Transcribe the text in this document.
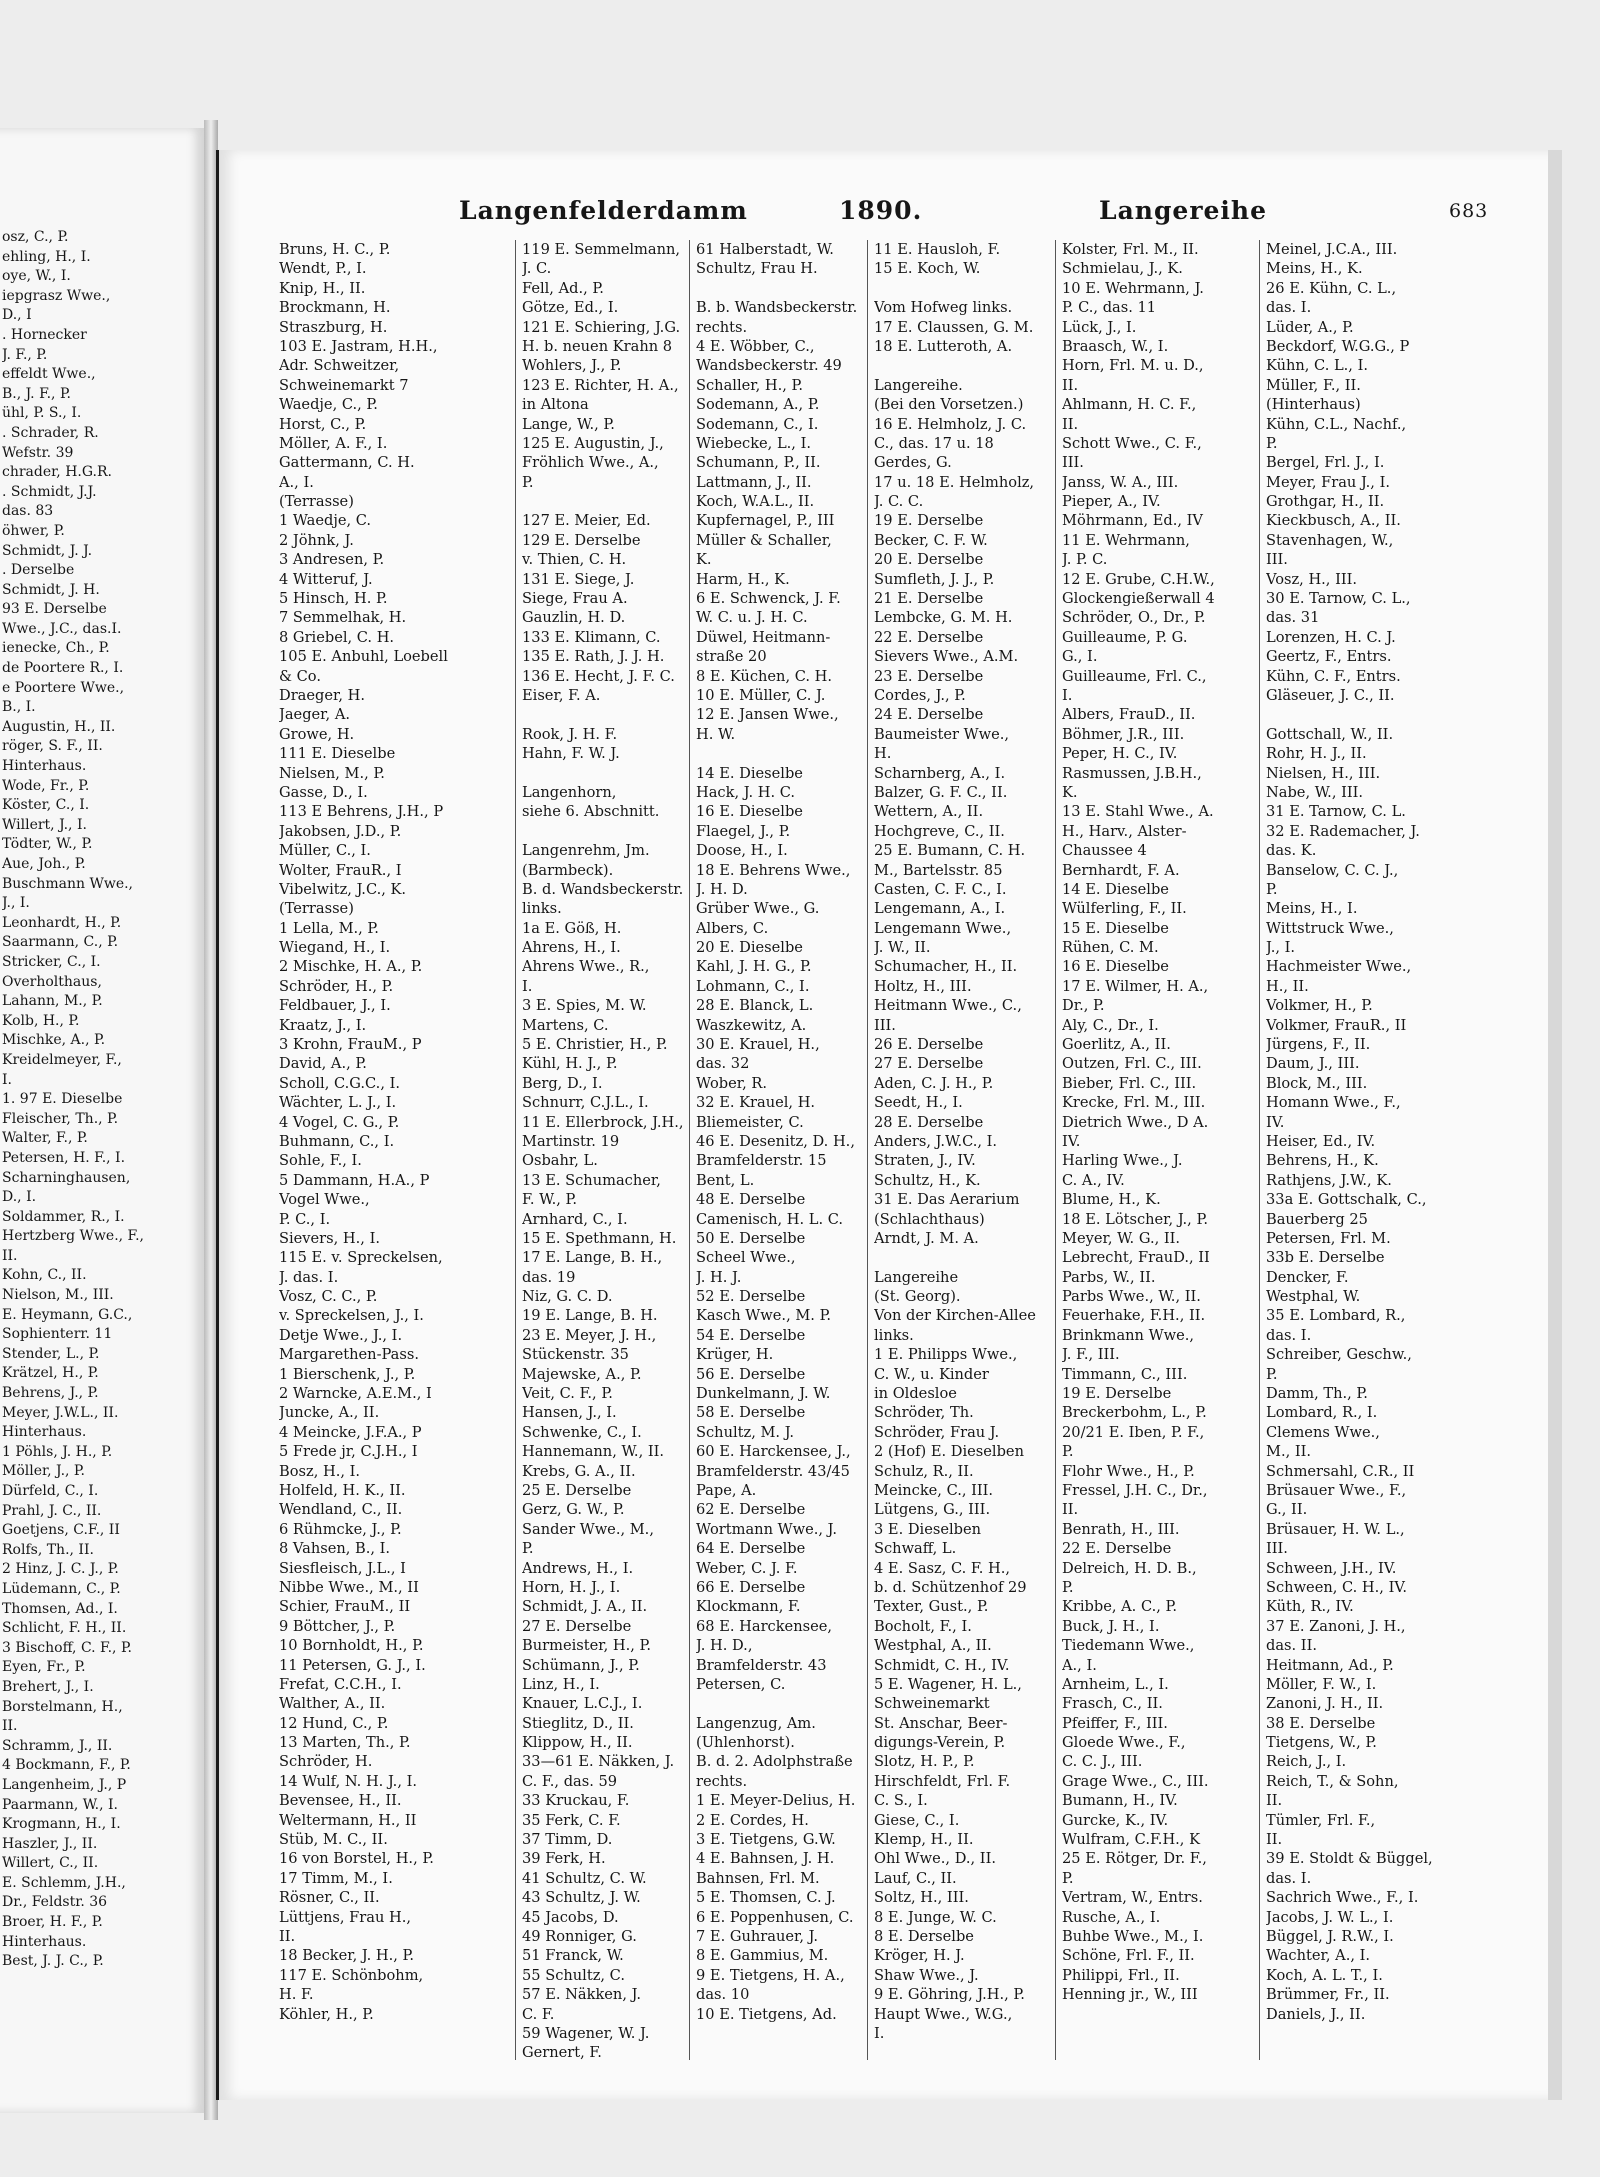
osz, C., P.
ehling, H., I.
oye, W., I.
iepgrasz Wwe.,
D., I
. Hornecker
J. F., P.
effeldt Wwe.,
B., J. F., P.
ühl, P. S., I.
. Schrader, R.
Wefstr. 39
chrader, H.G.R.
. Schmidt, J.J.
das. 83
öhwer, P.
Schmidt, J. J.
. Derselbe
Schmidt, J. H.
93 E. Derselbe
Wwe., J.C., das.I.
ienecke, Ch., P.
de Poortere R., I.
e Poortere Wwe.,
B., I.
Augustin, H., II.
röger, S. F., II.
Hinterhaus.
Wode, Fr., P.
Köster, C., I.
Willert, J., I.
Tödter, W., P.
Aue, Joh., P.
Buschmann Wwe.,
J., I.
Leonhardt, H., P.
Saarmann, C., P.
Stricker, C., I.
Overholthaus,
Lahann, M., P.
Kolb, H., P.
Mischke, A., P.
Kreidelmeyer, F.,
I.
1. 97 E. Dieselbe
Fleischer, Th., P.
Walter, F., P.
Petersen, H. F., I.
Scharninghausen,
D., I.
Soldammer, R., I.
Hertzberg Wwe., F.,
II.
Kohn, C., II.
Nielson, M., III.
E. Heymann, G.C.,
Sophienterr. 11
Stender, L., P.
Krätzel, H., P.
Behrens, J., P.
Meyer, J.W.L., II.
Hinterhaus.
1 Pöhls, J. H., P.
Möller, J., P.
Dürfeld, C., I.
Prahl, J. C., II.
Goetjens, C.F., II
Rolfs, Th., II.
2 Hinz, J. C. J., P.
Lüdemann, C., P.
Thomsen, Ad., I.
Schlicht, F. H., II.
3 Bischoff, C. F., P.
Eyen, Fr., P.
Brehert, J., I.
Borstelmann, H.,
II.
Schramm, J., II.
4 Bockmann, F., P.
Langenheim, J., P
Paarmann, W., I.
Krogmann, H., I.
Haszler, J., II.
Willert, C., II.
E. Schlemm, J.H.,
Dr., Feldstr. 36
Broer, H. F., P.
Hinterhaus.
Best, J. J. C., P.
Langenfelderdamm	1890.	Langereihe	683
Bruns, H. C., P.
Wendt, P., I.
Knip, H., II.
Brockmann, H.
Straszburg, H.
103 E. Jastram, H.H.,
Adr. Schweitzer,
Schweinemarkt 7
Waedje, C., P.
Horst, C., P.
Möller, A. F., I.
Gattermann, C. H.
A., I.
(Terrasse)
1 Waedje, C.
2 Jöhnk, J.
3 Andresen, P.
4 Witteruf, J.
5 Hinsch, H. P.
7 Semmelhak, H.
8 Griebel, C. H.
105 E. Anbuhl, Loebell
& Co.
Draeger, H.
Jaeger, A.
Growe, H.
111 E. Dieselbe
Nielsen, M., P.
Gasse, D., I.
113 E Behrens, J.H., P
Jakobsen, J.D., P.
Müller, C., I.
Wolter, FrauR., I
Vibelwitz, J.C., K.
(Terrasse)
1 Lella, M., P.
Wiegand, H., I.
2 Mischke, H. A., P.
Schröder, H., P.
Feldbauer, J., I.
Kraatz, J., I.
3 Krohn, FrauM., P
David, A., P.
Scholl, C.G.C., I.
Wächter, L. J., I.
4 Vogel, C. G., P.
Buhmann, C., I.
Sohle, F., I.
5 Dammann, H.A., P
Vogel Wwe.,
P. C., I.
Sievers, H., I.
115 E. v. Spreckelsen,
J. das. I.
Vosz, C. C., P.
v. Spreckelsen, J., I.
Detje Wwe., J., I.
Margarethen-Pass.
1 Bierschenk, J., P.
2 Warncke, A.E.M., I
Juncke, A., II.
4 Meincke, J.F.A., P
5 Frede jr, C.J.H., I
Bosz, H., I.
Holfeld, H. K., II.
Wendland, C., II.
6 Rühmcke, J., P.
8 Vahsen, B., I.
Siesfleisch, J.L., I
Nibbe Wwe., M., II
Schier, FrauM., II
9 Böttcher, J., P.
10 Bornholdt, H., P.
11 Petersen, G. J., I.
Frefat, C.C.H., I.
Walther, A., II.
12 Hund, C., P.
13 Marten, Th., P.
Schröder, H.
14 Wulf, N. H. J., I.
Bevensee, H., II.
Weltermann, H., II
Stüb, M. C., II.
16 von Borstel, H., P.
17 Timm, M., I.
Rösner, C., II.
Lüttjens, Frau H.,
II.
18 Becker, J. H., P.
117 E. Schönbohm,
H. F.
Köhler, H., P.
119 E. Semmelmann,
J. C.
Fell, Ad., P.
Götze, Ed., I.
121 E. Schiering, J.G.
H. b. neuen Krahn 8
Wohlers, J., P.
123 E. Richter, H. A.,
in Altona
Lange, W., P.
125 E. Augustin, J.,
Fröhlich Wwe., A.,
P.
127 E. Meier, Ed.
129 E. Derselbe
v. Thien, C. H.
131 E. Siege, J.
Siege, Frau A.
Gauzlin, H. D.
133 E. Klimann, C.
135 E. Rath, J. J. H.
136 E. Hecht, J. F. C.
Eiser, F. A.
Rook, J. H. F.
Hahn, F. W. J.
Langenhorn,
siehe 6. Abschnitt.
Langenrehm, Jm.
(Barmbeck).
B. d. Wandsbeckerstr.
links.
1a E. Göß, H.
Ahrens, H., I.
Ahrens Wwe., R.,
I.
3 E. Spies, M. W.
Martens, C.
5 E. Christier, H., P.
Kühl, H. J., P.
Berg, D., I.
Schnurr, C.J.L., I.
11 E. Ellerbrock, J.H.,
Martinstr. 19
Osbahr, L.
13 E. Schumacher,
F. W., P.
Arnhard, C., I.
15 E. Spethmann, H.
17 E. Lange, B. H.,
das. 19
Niz, G. C. D.
19 E. Lange, B. H.
23 E. Meyer, J. H.,
Stückenstr. 35
Majewske, A., P.
Veit, C. F., P.
Hansen, J., I.
Schwenke, C., I.
Hannemann, W., II.
Krebs, G. A., II.
25 E. Derselbe
Gerz, G. W., P.
Sander Wwe., M.,
P.
Andrews, H., I.
Horn, H. J., I.
Schmidt, J. A., II.
27 E. Derselbe
Burmeister, H., P.
Schümann, J., P.
Linz, H., I.
Knauer, L.C.J., I.
Stieglitz, D., II.
Klippow, H., II.
33—61 E. Näkken, J.
C. F., das. 59
33 Kruckau, F.
35 Ferk, C. F.
37 Timm, D.
39 Ferk, H.
41 Schultz, C. W.
43 Schultz, J. W.
45 Jacobs, D.
49 Ronniger, G.
51 Franck, W.
55 Schultz, C.
57 E. Näkken, J.
C. F.
59 Wagener, W. J.
Gernert, F.
61 Halberstadt, W.
Schultz, Frau H.
B. b. Wandsbeckerstr.
rechts.
4 E. Wöbber, C.,
Wandsbeckerstr. 49
Schaller, H., P.
Sodemann, A., P.
Sodemann, C., I.
Wiebecke, L., I.
Schumann, P., II.
Lattmann, J., II.
Koch, W.A.L., II.
Kupfernagel, P., III
Müller & Schaller,
K.
Harm, H., K.
6 E. Schwenck, J. F.
W. C. u. J. H. C.
Düwel, Heitmann-
straße 20
8 E. Küchen, C. H.
10 E. Müller, C. J.
12 E. Jansen Wwe.,
H. W.
14 E. Dieselbe
Hack, J. H. C.
16 E. Dieselbe
Flaegel, J., P.
Doose, H., I.
18 E. Behrens Wwe.,
J. H. D.
Grüber Wwe., G.
Albers, C.
20 E. Dieselbe
Kahl, J. H. G., P.
Lohmann, C., I.
28 E. Blanck, L.
Waszkewitz, A.
30 E. Krauel, H.,
das. 32
Wober, R.
32 E. Krauel, H.
Bliemeister, C.
46 E. Desenitz, D. H.,
Bramfelderstr. 15
Bent, L.
48 E. Derselbe
Camenisch, H. L. C.
50 E. Derselbe
Scheel Wwe.,
J. H. J.
52 E. Derselbe
Kasch Wwe., M. P.
54 E. Derselbe
Krüger, H.
56 E. Derselbe
Dunkelmann, J. W.
58 E. Derselbe
Schultz, M. J.
60 E. Harckensee, J.,
Bramfelderstr. 43/45
Pape, A.
62 E. Derselbe
Wortmann Wwe., J.
64 E. Derselbe
Weber, C. J. F.
66 E. Derselbe
Klockmann, F.
68 E. Harckensee,
J. H. D.,
Bramfelderstr. 43
Petersen, C.
Langenzug, Am.
(Uhlenhorst).
B. d. 2. Adolphstraße
rechts.
1 E. Meyer-Delius, H.
2 E. Cordes, H.
3 E. Tietgens, G.W.
4 E. Bahnsen, J. H.
Bahnsen, Frl. M.
5 E. Thomsen, C. J.
6 E. Poppenhusen, C.
7 E. Guhrauer, J.
8 E. Gammius, M.
9 E. Tietgens, H. A.,
das. 10
10 E. Tietgens, Ad.
11 E. Hausloh, F.
15 E. Koch, W.
Vom Hofweg links.
17 E. Claussen, G. M.
18 E. Lutteroth, A.
Langereihe.
(Bei den Vorsetzen.)
16 E. Helmholz, J. C.
C., das. 17 u. 18
Gerdes, G.
17 u. 18 E. Helmholz,
J. C. C.
19 E. Derselbe
Becker, C. F. W.
20 E. Derselbe
Sumfleth, J. J., P.
21 E. Derselbe
Lembcke, G. M. H.
22 E. Derselbe
Sievers Wwe., A.M.
23 E. Derselbe
Cordes, J., P.
24 E. Derselbe
Baumeister Wwe.,
H.
Scharnberg, A., I.
Balzer, G. F. C., II.
Wettern, A., II.
Hochgreve, C., II.
25 E. Bumann, C. H.
M., Bartelsstr. 85
Casten, C. F. C., I.
Lengemann, A., I.
Lengemann Wwe.,
J. W., II.
Schumacher, H., II.
Holtz, H., III.
Heitmann Wwe., C.,
III.
26 E. Derselbe
27 E. Derselbe
Aden, C. J. H., P.
Seedt, H., I.
28 E. Derselbe
Anders, J.W.C., I.
Straten, J., IV.
Schultz, H., K.
31 E. Das Aerarium
(Schlachthaus)
Arndt, J. M. A.
Langereihe
(St. Georg).
Von der Kirchen-Allee
links.
1 E. Philipps Wwe.,
C. W., u. Kinder
in Oldesloe
Schröder, Th.
Schröder, Frau J.
2 (Hof) E. Dieselben
Schulz, R., II.
Meincke, C., III.
Lütgens, G., III.
3 E. Dieselben
Schwaff, L.
4 E. Sasz, C. F. H.,
b. d. Schützenhof 29
Texter, Gust., P.
Bocholt, F., I.
Westphal, A., II.
Schmidt, C. H., IV.
5 E. Wagener, H. L.,
Schweinemarkt
St. Anschar, Beer-
digungs-Verein, P.
Slotz, H. P., P.
Hirschfeldt, Frl. F.
C. S., I.
Giese, C., I.
Klemp, H., II.
Ohl Wwe., D., II.
Lauf, C., II.
Soltz, H., III.
8 E. Junge, W. C.
8 E. Derselbe
Kröger, H. J.
Shaw Wwe., J.
9 E. Göhring, J.H., P.
Haupt Wwe., W.G.,
I.
Kolster, Frl. M., II.
Schmielau, J., K.
10 E. Wehrmann, J.
P. C., das. 11
Lück, J., I.
Braasch, W., I.
Horn, Frl. M. u. D.,
II.
Ahlmann, H. C. F.,
II.
Schott Wwe., C. F.,
III.
Janss, W. A., III.
Pieper, A., IV.
Möhrmann, Ed., IV
11 E. Wehrmann,
J. P. C.
12 E. Grube, C.H.W.,
Glockengießerwall 4
Schröder, O., Dr., P.
Guilleaume, P. G.
G., I.
Guilleaume, Frl. C.,
I.
Albers, FrauD., II.
Böhmer, J.R., III.
Peper, H. C., IV.
Rasmussen, J.B.H.,
K.
13 E. Stahl Wwe., A.
H., Harv., Alster-
Chaussee 4
Bernhardt, F. A.
14 E. Dieselbe
Wülferling, F., II.
15 E. Dieselbe
Rühen, C. M.
16 E. Dieselbe
17 E. Wilmer, H. A.,
Dr., P.
Aly, C., Dr., I.
Goerlitz, A., II.
Outzen, Frl. C., III.
Bieber, Frl. C., III.
Krecke, Frl. M., III.
Dietrich Wwe., D A.
IV.
Harling Wwe., J.
C. A., IV.
Blume, H., K.
18 E. Lötscher, J., P.
Meyer, W. G., II.
Lebrecht, FrauD., II
Parbs, W., II.
Parbs Wwe., W., II.
Feuerhake, F.H., II.
Brinkmann Wwe.,
J. F., III.
Timmann, C., III.
19 E. Derselbe
Breckerbohm, L., P.
20/21 E. Iben, P. F.,
P.
Flohr Wwe., H., P.
Fressel, J.H. C., Dr.,
II.
Benrath, H., III.
22 E. Derselbe
Delreich, H. D. B.,
P.
Kribbe, A. C., P.
Buck, J. H., I.
Tiedemann Wwe.,
A., I.
Arnheim, L., I.
Frasch, C., II.
Pfeiffer, F., III.
Gloede Wwe., F.,
C. C. J., III.
Grage Wwe., C., III.
Bumann, H., IV.
Gurcke, K., IV.
Wulfram, C.F.H., K
25 E. Rötger, Dr. F.,
P.
Vertram, W., Entrs.
Rusche, A., I.
Buhbe Wwe., M., I.
Schöne, Frl. F., II.
Philippi, Frl., II.
Henning jr., W., III
Meinel, J.C.A., III.
Meins, H., K.
26 E. Kühn, C. L.,
das. I.
Lüder, A., P.
Beckdorf, W.G.G., P
Kühn, C. L., I.
Müller, F., II.
(Hinterhaus)
Kühn, C.L., Nachf.,
P.
Bergel, Frl. J., I.
Meyer, Frau J., I.
Grothgar, H., II.
Kieckbusch, A., II.
Stavenhagen, W.,
III.
Vosz, H., III.
30 E. Tarnow, C. L.,
das. 31
Lorenzen, H. C. J.
Geertz, F., Entrs.
Kühn, C. F., Entrs.
Gläseuer, J. C., II.
Gottschall, W., II.
Rohr, H. J., II.
Nielsen, H., III.
Nabe, W., III.
31 E. Tarnow, C. L.
32 E. Rademacher, J.
das. K.
Banselow, C. C. J.,
P.
Meins, H., I.
Wittstruck Wwe.,
J., I.
Hachmeister Wwe.,
H., II.
Volkmer, H., P.
Volkmer, FrauR., II
Jürgens, F., II.
Daum, J., III.
Block, M., III.
Homann Wwe., F.,
IV.
Heiser, Ed., IV.
Behrens, H., K.
Rathjens, J.W., K.
33a E. Gottschalk, C.,
Bauerberg 25
Petersen, Frl. M.
33b E. Derselbe
Dencker, F.
Westphal, W.
35 E. Lombard, R.,
das. I.
Schreiber, Geschw.,
P.
Damm, Th., P.
Lombard, R., I.
Clemens Wwe.,
M., II.
Schmersahl, C.R., II
Brüsauer Wwe., F.,
G., II.
Brüsauer, H. W. L.,
III.
Schween, J.H., IV.
Schween, C. H., IV.
Küth, R., IV.
37 E. Zanoni, J. H.,
das. II.
Heitmann, Ad., P.
Möller, F. W., I.
Zanoni, J. H., II.
38 E. Derselbe
Tietgens, W., P.
Reich, J., I.
Reich, T., & Sohn,
II.
Tümler, Frl. F.,
II.
39 E. Stoldt & Büggel,
das. I.
Sachrich Wwe., F., I.
Jacobs, J. W. L., I.
Büggel, J. R.W., I.
Wachter, A., I.
Koch, A. L. T., I.
Brümmer, Fr., II.
Daniels, J., II.
